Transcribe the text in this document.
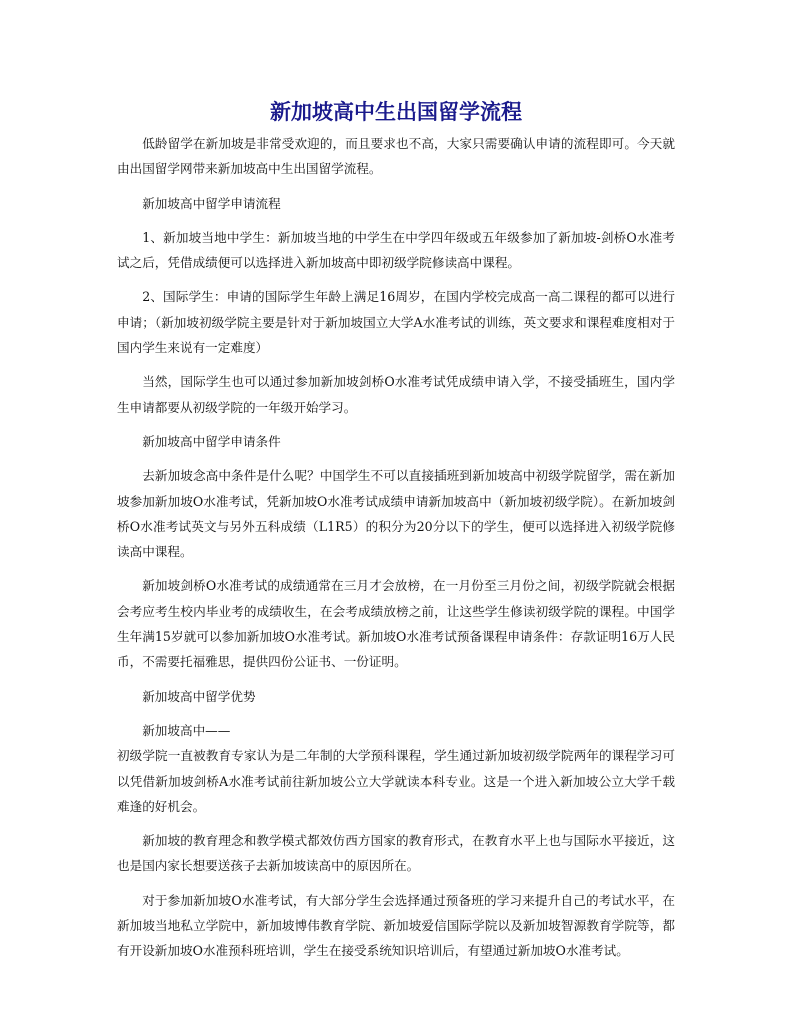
新加坡高中生出国留学流程

低龄留学在新加坡是非常受欢迎的，而且要求也不高，大家只需要确认申请的流程即可。今天就由出国留学网带来新加坡高中生出国留学流程。

新加坡高中留学申请流程

1、新加坡当地中学生：新加坡当地的中学生在中学四年级或五年级参加了新加坡-剑桥O水准考试之后，凭借成绩便可以选择进入新加坡高中即初级学院修读高中课程。

2、国际学生：申请的国际学生年龄上满足16周岁，在国内学校完成高一高二课程的都可以进行申请；（新加坡初级学院主要是针对于新加坡国立大学A水准考试的训练，英文要求和课程难度相对于国内学生来说有一定难度）

当然，国际学生也可以通过参加新加坡剑桥O水准考试凭成绩申请入学，不接受插班生，国内学生申请都要从初级学院的一年级开始学习。

新加坡高中留学申请条件

去新加坡念高中条件是什么呢？中国学生不可以直接插班到新加坡高中初级学院留学，需在新加坡参加新加坡O水准考试，凭新加坡O水准考试成绩申请新加坡高中（新加坡初级学院）。在新加坡剑桥O水准考试英文与另外五科成绩（L1R5）的积分为20分以下的学生，便可以选择进入初级学院修读高中课程。

新加坡剑桥O水准考试的成绩通常在三月才会放榜，在一月份至三月份之间，初级学院就会根据会考应考生校内毕业考的成绩收生，在会考成绩放榜之前，让这些学生修读初级学院的课程。中国学生年满15岁就可以参加新加坡O水准考试。新加坡O水准考试预备课程申请条件：存款证明16万人民币，不需要托福雅思，提供四份公证书、一份证明。

新加坡高中留学优势

新加坡高中——

初级学院一直被教育专家认为是二年制的大学预科课程，学生通过新加坡初级学院两年的课程学习可以凭借新加坡剑桥A水准考试前往新加坡公立大学就读本科专业。这是一个进入新加坡公立大学千载难逢的好机会。

新加坡的教育理念和教学模式都效仿西方国家的教育形式，在教育水平上也与国际水平接近，这也是国内家长想要送孩子去新加坡读高中的原因所在。

对于参加新加坡O水准考试，有大部分学生会选择通过预备班的学习来提升自己的考试水平，在新加坡当地私立学院中，新加坡博伟教育学院、新加坡爱信国际学院以及新加坡智源教育学院等，都有开设新加坡O水准预科班培训，学生在接受系统知识培训后，有望通过新加坡O水准考试。
